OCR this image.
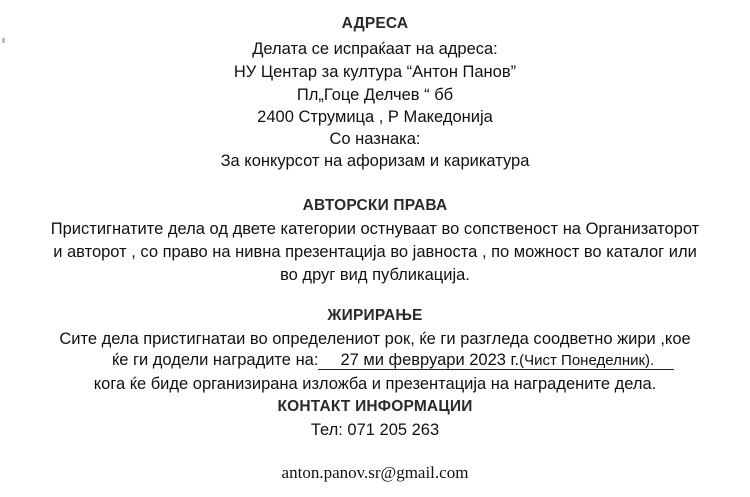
АДРЕСА
Делата се испраќаат на адреса:
НУ Центар за култура “Антон Панов”
Пл„Гоце Делчев “ бб
2400 Струмица , Р Македонија
Со назнака:
За конкурсот на афоризам и карикатура
АВТОРСКИ ПРАВА
Пристигнатите дела од двете категории остнуваат во сопственост на Организаторот
и авторот , со право на нивна презентација во јавноста , по можност во каталог или
во друг вид публикација.
ЖИРИРАЊЕ
Сите дела пристигнатаи во определениот рок, ќе ги разгледа соодветно жири ,кое
ќе ги додели наградите на: 27 ми февруари 2023 г.(Чист Понеделник).
кога ќе биде организирана изложба и презентација на наградените дела.
КОНТАКТ ИНФОРМАЦИИ
Тел: 071 205 263
anton.panov.sr@gmail.com
